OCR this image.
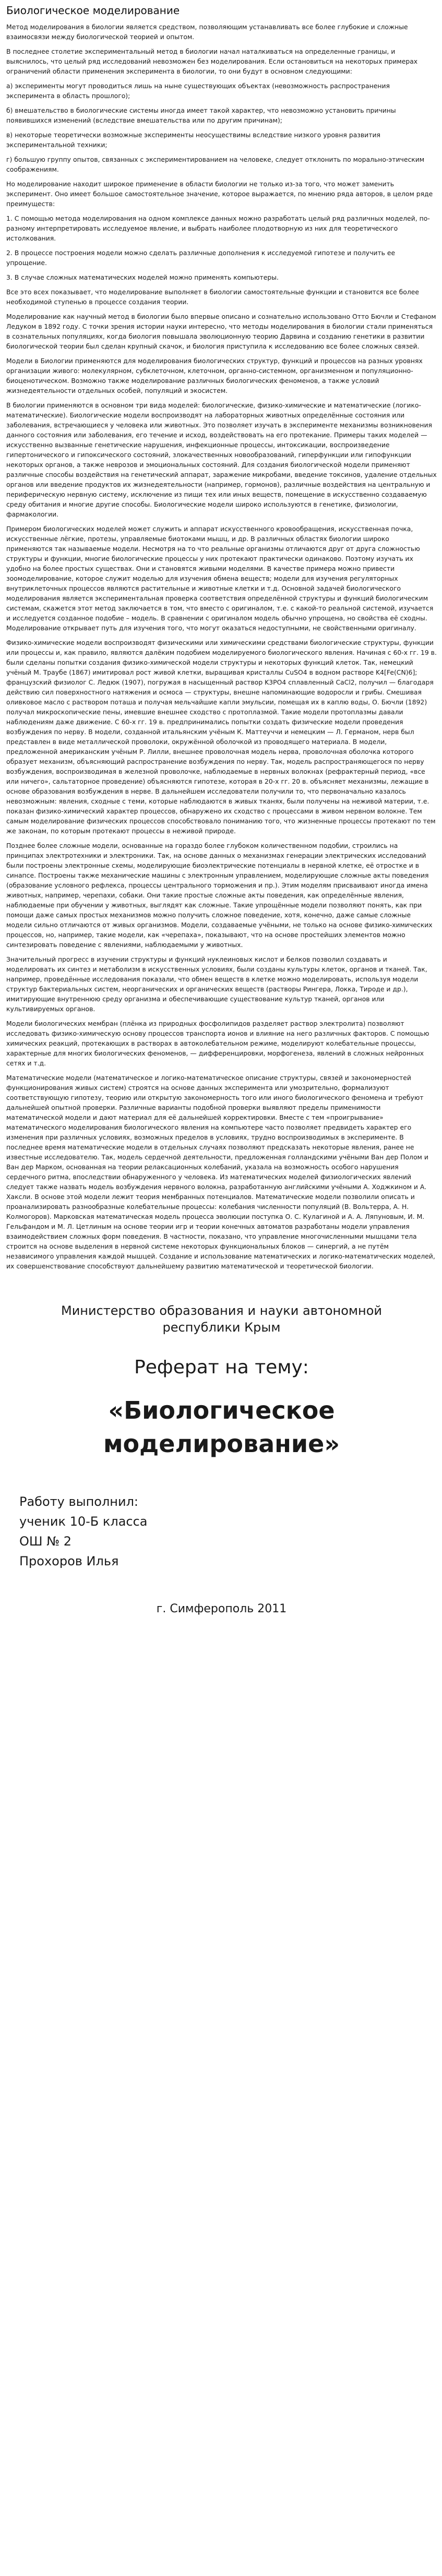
Биологическое моделирование

Метод моделирования в биологии является средством, позволяющим устанавливать все более глубокие и сложные взаимосвязи между биологической теорией и опытом.

В последнее столетие экспериментальный метод в биологии начал наталкиваться на определенные границы, и выяснилось, что целый ряд исследований невозможен без моделирования. Если остановиться на некоторых примерах ограничений области применения эксперимента в биологии, то они будут в основном следующими:

а) эксперименты могут проводиться лишь на ныне существующих объектах (невозможность распространения эксперимента в область прошлого);

б) вмешательство в биологические системы иногда имеет такой характер, что невозможно установить причины появившихся изменений (вследствие вмешательства или по другим причинам);

в) некоторые теоретически возможные эксперименты неосуществимы вследствие низкого уровня развития экспериментальной техники;

г) большую группу опытов, связанных с экспериментированием на человеке, следует отклонить по морально-этическим соображениям.

Но моделирование находит широкое применение в области биологии не только из-за того, что может заменить эксперимент. Оно имеет большое самостоятельное значение, которое выражается, по мнению ряда авторов, в целом ряде преимуществ:

1. С помощью метода моделирования на одном комплексе данных можно разработать целый ряд различных моделей, по-разному интерпретировать исследуемое явление, и выбрать наиболее плодотворную из них для теоретического истолкования.

2. В процессе построения модели можно сделать различные дополнения к исследуемой гипотезе и получить ее упрощение.

3. В случае сложных математических моделей можно применять компьютеры.

Все это всех показывает, что моделирование выполняет в биологии самостоятельные функции и становится все более необходимой ступенью в процессе создания теории.

Моделирование как научный метод в биологии было впервые описано и сознательно использовано Отто Бючли и Стефаном Лeдуком в 1892 году. С точки зрения истории науки интересно, что методы моделирования в биологии стали применяться в сознательных популяциях, когда биология повышала эволюционную теорию Дарвина и созданию генетики в развитии биологической теории был сделан крупный скачок, и биология приступила к исследованию все более сложных связей.

Модели в Биологии применяются для моделирования биологических структур, функций и процессов на разных уровнях организации живого: молекулярном, субклеточном, клеточном, органно-системном, организменном и популяционно-биоценотическом. Возможно также моделирование различных биологических феноменов, а также условий жизнедеятельности отдельных особей, популяций и экосистем.

В биологии применяются в основном три вида моделей: биологические, физико-химические и математические (логико-математические). Биологические модели воспроизводят на лабораторных животных определённые состояния или заболевания, встречающиеся у человека или животных. Это позволяет изучать в эксперименте механизмы возникновения данного состояния или заболевания, его течение и исход, воздействовать на его протекание. Примеры таких моделей — искусственно вызванные генетические нарушения, инфекционные процессы, интоксикации, воспроизведение гипертонического и гипоксического состояний, злокачественных новообразований, гиперфункции или гипофункции некоторых органов, а также неврозов и эмоциональных состояний. Для создания биологической модели применяют различные способы воздействия на генетический аппарат, заражение микробами, введение токсинов, удаление отдельных органов или введение продуктов их жизнедеятельности (например, гормонов), различные воздействия на центральную и периферическую нервную систему, исключение из пищи тех или иных веществ, помещение в искусственно создаваемую среду обитания и многие другие способы. Биологические модели широко используются в генетике, физиологии, фармакологии.

Примером биологических моделей может служить и аппарат искусственного кровообращения, искусственная почка, искусственные лёгкие, протезы, управляемые биотоками мышц, и др. В различных областях биологии широко применяются так называемые модели. Несмотря на то что реальные организмы отличаются друг от друга сложностью структуры и функции, многие биологические процессы у них протекают практически одинаково. Поэтому изучать их удобно на более простых существах. Они и становятся живыми моделями. В качестве примера можно привести зоомоделирование, которое служит моделью для изучения обмена веществ; модели для изучения регуляторных внутриклеточных процессов являются растительные и животные клетки и т.д. Основной задачей биологического моделирования является экспериментальная проверка соответствия определённой структуры и функций биологическим системам, скажется этот метод заключается в том, что вместо с оригиналом, т.е. с какой-то реальной системой, изучается и исследуется созданное подобие – модель. В сравнении с оригиналом модель обычно упрощена, но свойства её сходны. Моделирование открывает путь для изучения того, что могут оказаться недоступными, не свойственными оригиналу.

Физико-химические модели воспроизводят физическими или химическими средствами биологические структуры, функции или процессы и, как правило, являются далёким подобием моделируемого биологического явления. Начиная с 60-х гг. 19 в. были сделаны попытки создания физико-химической модели структуры и некоторых функций клеток. Так, немецкий учёный М. Траубе (1867) имитировал рост живой клетки, выращивая кристаллы CuSO4 в водном растворе K4[Fe(CN)6]; французский физиолог С. Ледюк (1907), погружая в насыщенный раствор K3PO4 сплавленный CaCl2, получил — благодаря действию сил поверхностного натяжения и осмоса — структуры, внешне напоминающие водоросли и грибы. Смешивая оливковое масло с раствором поташа и получая мельчайшие капли эмульсии, помещая их в каплю воды, О. Бючли (1892) получал микроскопические пены, имевшие внешнее сходство с протоплазмой. Такие модели протоплазмы давали наблюдениям даже движение. С 60-х гг. 19 в. предпринимались попытки создать физические модели проведения возбуждения по нерву. В модели, созданной итальянским учёным К. Маттеуччи и немецким — Л. Германом, нерв был представлен в виде металлической проволоки, окружённой оболочкой из проводящего материала. В модели, предложенной американским учёным Р. Лилли, внешнее проволочная модель нерва, проволочная оболочка которого образует механизм, объясняющий распространение возбуждения по нерву. Так, модель распространяющегося по нерву возбуждения, воспроизводимая в железной проволочке, наблюдаемые в нервных волокнах (рефрактерный период, «все или ничего», сальтаторное проведение) объясняются гипотезе, которая в 20-х гг. 20 в. объясняет механизмы, лежащие в основе образования возбуждения в нерве. В дальнейшем исследователи получили то, что первоначально казалось невозможным: явления, сходные с теми, которые наблюдаются в живых тканях, были получены на неживой материи, т.е. показан физико-химический характер процессов, обнаружено их сходство с процессами в живом нервном волокне. Тем самым моделирование физических процессов способствовало пониманию того, что жизненные процессы протекают по тем же законам, по которым протекают процессы в неживой природе.

Позднее более сложные модели, основанные на гораздо более глубоком количественном подобии, строились на принципах электротехники и электроники. Так, на основе данных о механизмах генерации электрических исследований были построены электронные схемы, моделирующие биоэлектрические потенциалы в нервной клетке, её отростке и в синапсе. Построены также механические машины с электронным управлением, моделирующие сложные акты поведения (образование условного рефлекса, процессы центрального торможения и пр.). Этим моделям присваивают иногда имена животных, например, черепахи, собаки. Они такие простые сложные акты поведения, как определённые явления, наблюдаемые при обучении у животных, выглядят как сложные. Такие упрощённые модели позволяют понять, как при помощи даже самых простых механизмов можно получить сложное поведение, хотя, конечно, даже самые сложные модели сильно отличаются от живых организмов. Модели, создаваемые учёными, не только на основе физико-химических процессов, но, например, такие модели, как «черепаха», показывают, что на основе простейших элементов можно синтезировать поведение с явлениями, наблюдаемыми у животных.

Значительный прогресс в изучении структуры и функций нуклеиновых кислот и белков позволил создавать и моделировать их синтез и метаболизм в искусственных условиях, были созданы культуры клеток, органов и тканей. Так, например, проведённые исследования показали, что обмен веществ в клетке можно моделировать, используя модели структур бактериальных систем, неорганических и органических веществ (растворы Рингера, Локка, Тироде и др.), имитирующие внутреннюю среду организма и обеспечивающие существование культур тканей, органов или культивируемых органов.

Модели биологических мембран (плёнка из природных фосфолипидов разделяет раствор электролита) позволяют исследовать физико-химическую основу процессов транспорта ионов и влияние на него различных факторов. С помощью химических реакций, протекающих в растворах в автоколебательном режиме, моделируют колебательные процессы, характерные для многих биологических феноменов, — дифференцировки, морфогенеза, явлений в сложных нейронных сетях и т.д.

Математические модели (математическое и логико-математическое описание структуры, связей и закономерностей функционирования живых систем) строятся на основе данных эксперимента или умозрительно, формализуют соответствующую гипотезу, теорию или открытую закономерность того или иного биологического феномена и требуют дальнейшей опытной проверки. Различные варианты подобной проверки выявляют пределы применимости математической модели и дают материал для её дальнейшей корректировки. Вместе с тем «проигрывание» математического моделирования биологического явления на компьютере часто позволяет предвидеть характер его изменения при различных условиях, возможных пределов в условиях, трудно воспроизводимых в эксперименте. В последнее время математические модели в отдельных случаях позволяют предсказать некоторые явления, ранее не известные исследователю. Так, модель сердечной деятельности, предложенная голландскими учёными Ван дер Полом и Ван дер Марком, основанная на теории релаксационных колебаний, указала на возможность особого нарушения сердечного ритма, впоследствии обнаруженного у человека. Из математических моделей физиологических явлений следует также назвать модель возбуждения нервного волокна, разработанную английскими учёными А. Ходжкином и А. Хаксли. В основе этой модели лежит теория мембранных потенциалов. Математические модели позволили описать и проанализировать разнообразные колебательные процессы: колебания численности популяций (В. Вольтерра, А. Н. Колмогоров). Марковская математическая модель процесса эволюции поступка О. С. Кулагиной и А. А. Ляпуновым, И. М. Гельфандом и М. Л. Цетлиным на основе теории игр и теории конечных автоматов разработаны модели управления взаимодействием сложных форм поведения. В частности, показано, что управление многочисленными мышцами тела строится на основе выделения в нервной системе некоторых функциональных блоков — синергий, а не путём независимого управления каждой мышцей. Создание и использование математических и логико-математических моделей, их совершенствование способствуют дальнейшему развитию математической и теоретической биологии.

Министерство образования и науки автономной республики Крым
Реферат на тему:
«Биологическое моделирование»
Работу выполнил:
ученик 10-Б класса
ОШ № 2
Прохоров Илья
г. Симферополь 2011
